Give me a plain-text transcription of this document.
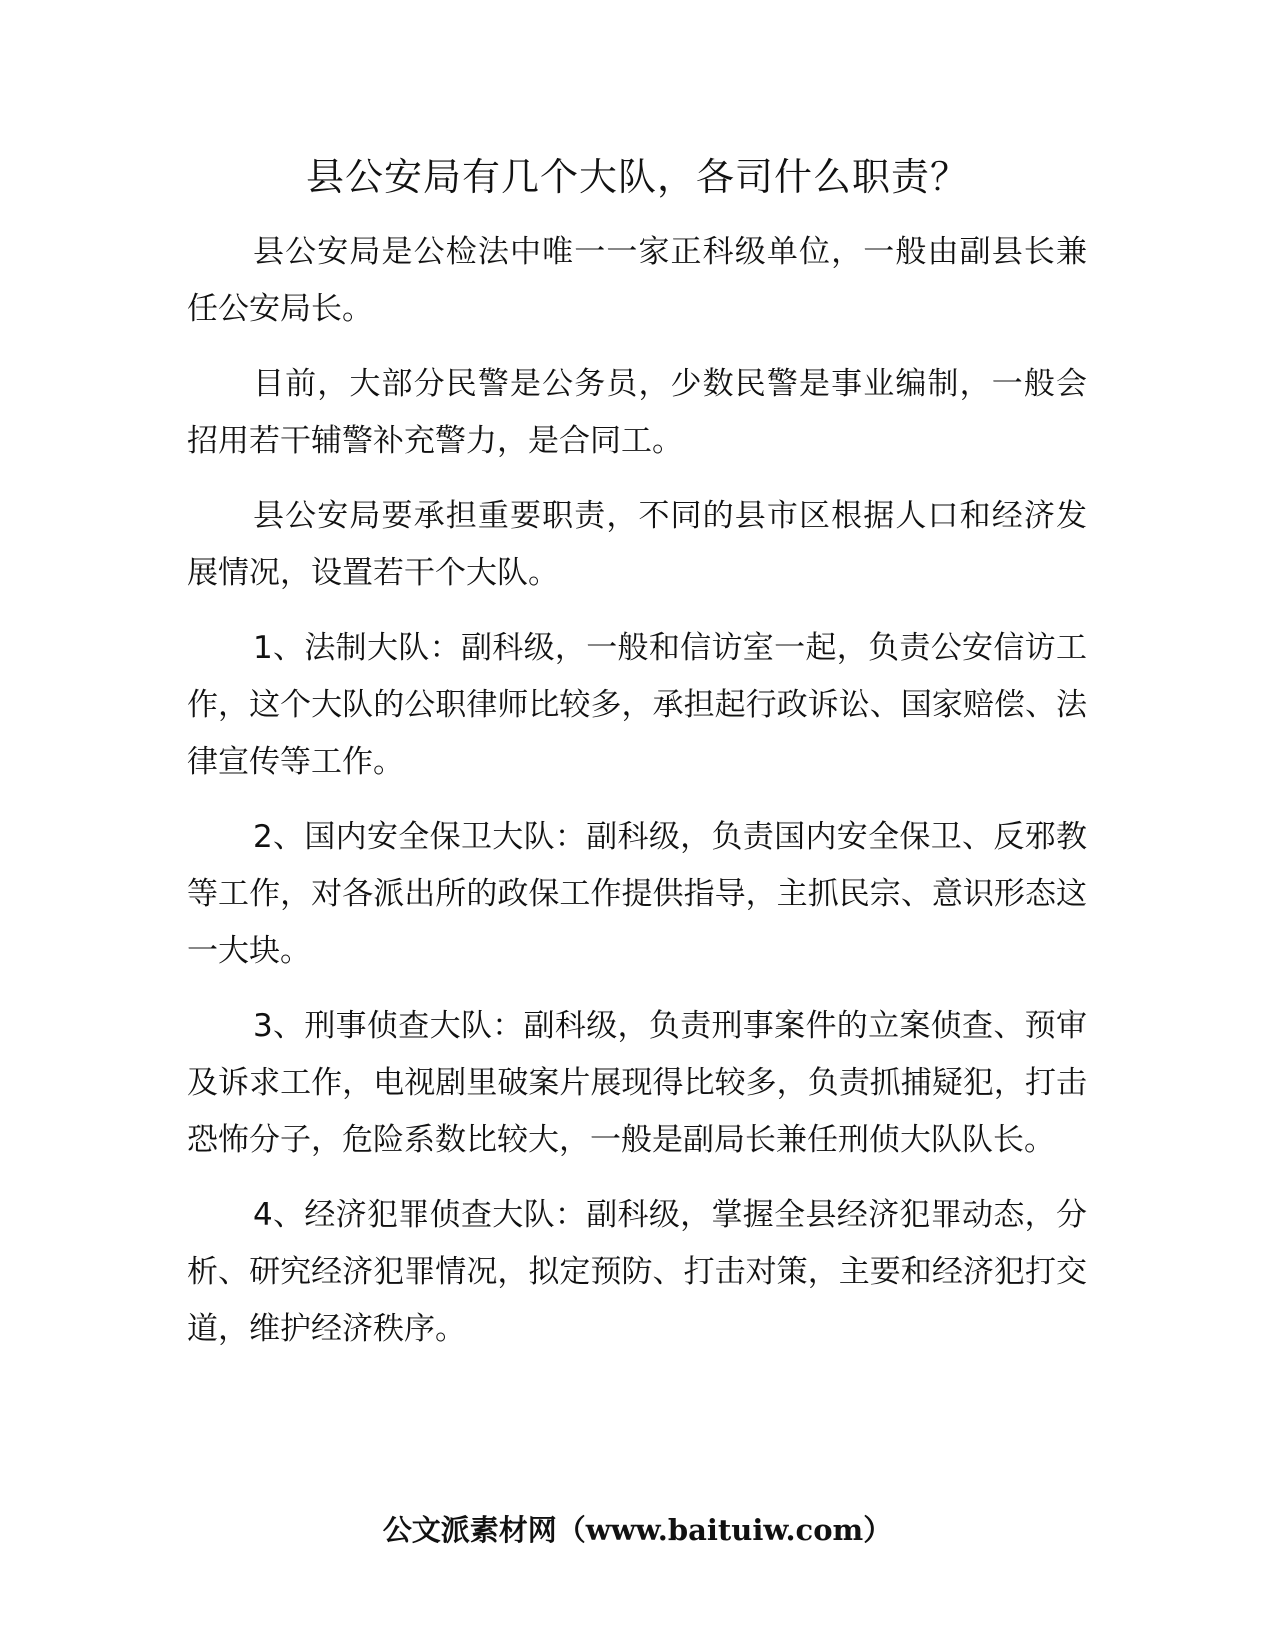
县公安局有几个大队，各司什么职责？

县公安局是公检法中唯一一家正科级单位，一般由副县长兼任公安局长。

目前，大部分民警是公务员，少数民警是事业编制，一般会招用若干辅警补充警力，是合同工。

县公安局要承担重要职责，不同的县市区根据人口和经济发展情况，设置若干个大队。

1、法制大队：副科级，一般和信访室一起，负责公安信访工作，这个大队的公职律师比较多，承担起行政诉讼、国家赔偿、法律宣传等工作。

2、国内安全保卫大队：副科级，负责国内安全保卫、反邪教等工作，对各派出所的政保工作提供指导，主抓民宗、意识形态这一大块。

3、刑事侦查大队：副科级，负责刑事案件的立案侦查、预审及诉求工作，电视剧里破案片展现得比较多，负责抓捕疑犯，打击恐怖分子，危险系数比较大，一般是副局长兼任刑侦大队队长。

4、经济犯罪侦查大队：副科级，掌握全县经济犯罪动态，分析、研究经济犯罪情况，拟定预防、打击对策，主要和经济犯打交道，维护经济秩序。

公文派素材网（www.baituiw.com）
